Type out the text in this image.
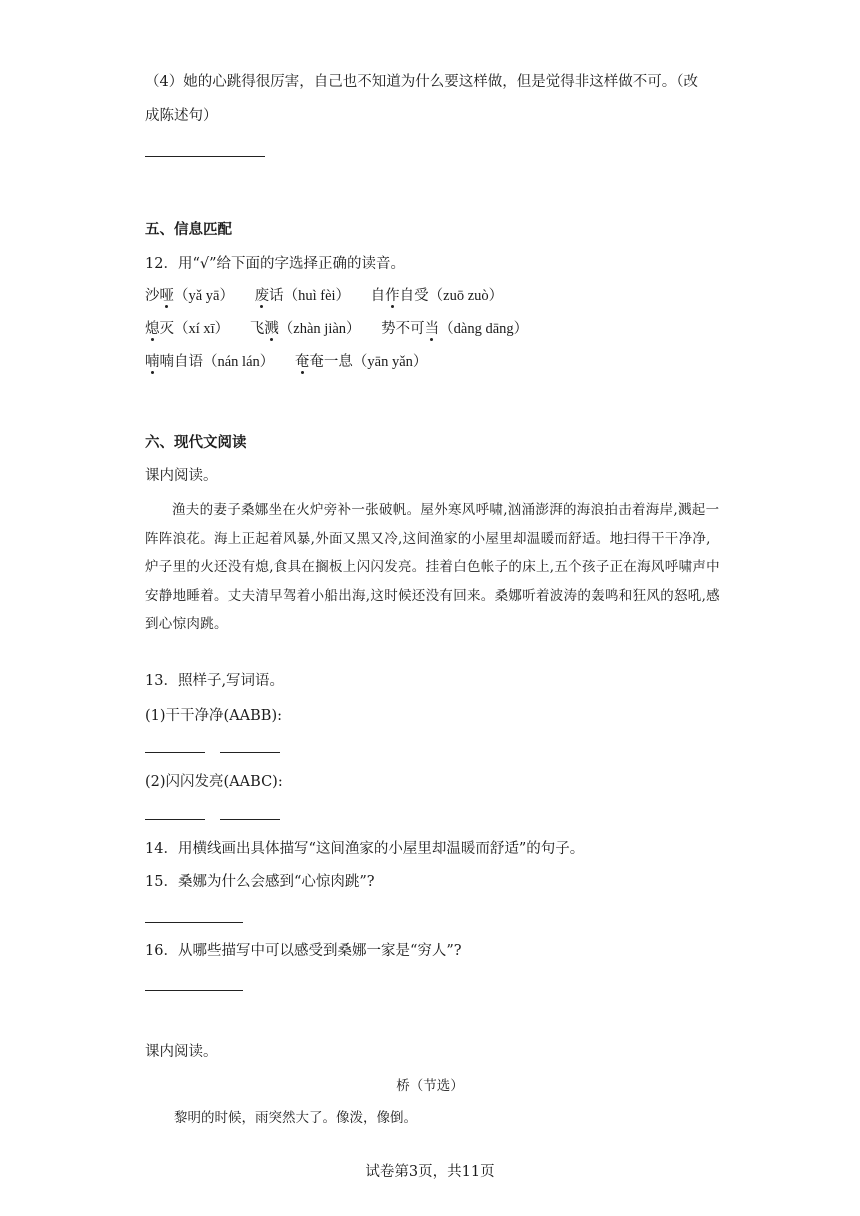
（4）她的心跳得很厉害，自己也不知道为什么要这样做，但是觉得非这样做不可。（改
成陈述句）
五、信息匹配
12．用“√”给下面的字选择正确的读音。
沙哑（yǎ yā） 废话（huì fèi） 自作自受（zuō zuò）
熄灭（xí xī） 飞溅（zhàn jiàn） 势不可当（dàng dāng）
喃喃自语（nán lán） 奄奄一息（yān yǎn）
六、现代文阅读
课内阅读。
渔夫的妻子桑娜坐在火炉旁补一张破帆。屋外寒风呼啸,汹涌澎湃的海浪拍击着海岸,溅起一阵阵浪花。海上正起着风暴,外面又黑又冷,这间渔家的小屋里却温暖而舒适。地扫得干干净净,炉子里的火还没有熄,食具在搁板上闪闪发亮。挂着白色帐子的床上,五个孩子正在海风呼啸声中安静地睡着。丈夫清早驾着小船出海,这时候还没有回来。桑娜听着波涛的轰鸣和狂风的怒吼,感到心惊肉跳。
13．照样子,写词语。
(1)干干净净(AABB):
(2)闪闪发亮(AABC):
14．用横线画出具体描写“这间渔家的小屋里却温暖而舒适”的句子。
15．桑娜为什么会感到“心惊肉跳”?
16．从哪些描写中可以感受到桑娜一家是“穷人”?
课内阅读。
桥（节选）
黎明的时候，雨突然大了。像泼，像倒。
试卷第3页，共11页
